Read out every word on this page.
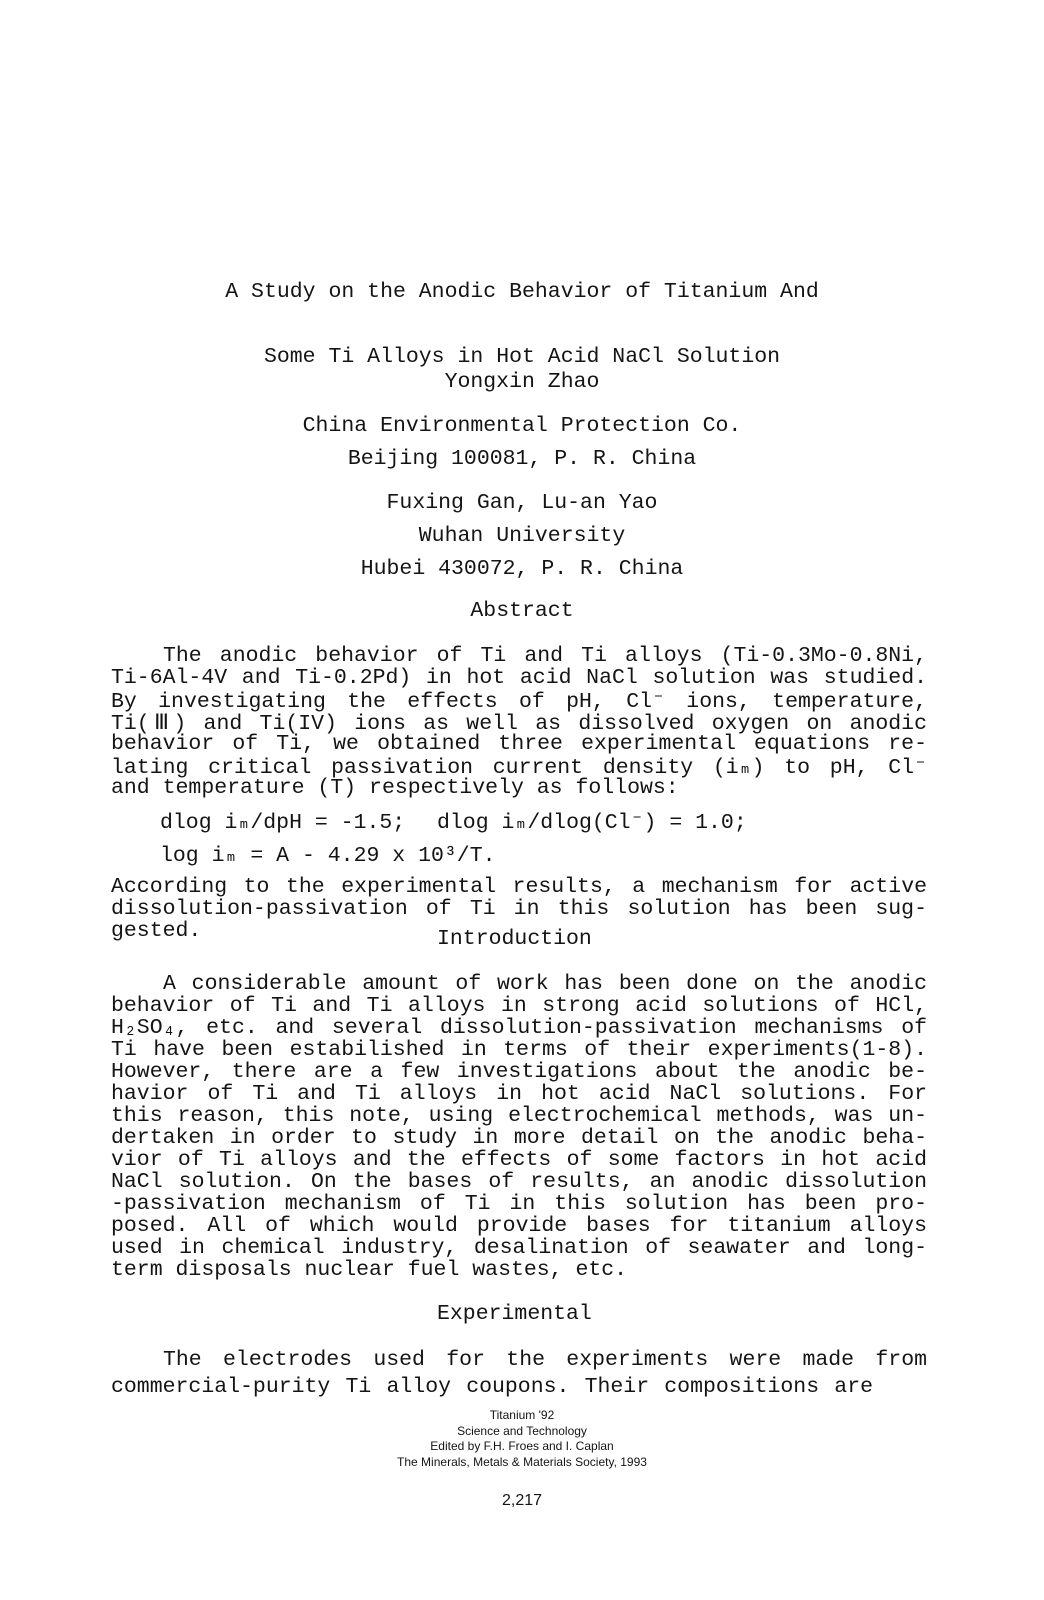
A Study on the Anodic Behavior of Titanium And
Some Ti Alloys in Hot Acid NaCl Solution
Yongxin Zhao
China Environmental Protection Co.
Beijing 100081, P. R. China
Fuxing Gan, Lu-an Yao
Wuhan University
Hubei 430072, P. R. China
Abstract
The anodic behavior of Ti and Ti alloys (Ti-0.3Mo-0.8Ni,
Ti-6Al-4V and Ti-0.2Pd) in hot acid NaCl solution was studied.
By investigating the effects of pH, Cl⁻ ions, temperature,
Ti(Ⅲ) and Ti(IV) ions as well as dissolved oxygen on anodic
behavior of Ti, we obtained three experimental equations re-
lating critical passivation current density (iₘ) to pH, Cl⁻
and temperature (T) respectively as follows:
dlog iₘ/dpH = -1.5; dlog iₘ/dlog(Cl⁻) = 1.0;
log iₘ = A - 4.29 x 10³/T.
According to the experimental results, a mechanism for active
dissolution-passivation of Ti in this solution has been sug-
gested.	Introduction
A considerable amount of work has been done on the anodic
behavior of Ti and Ti alloys in strong acid solutions of HCl,
H₂SO₄, etc. and several dissolution-passivation mechanisms of
Ti have been estabilished in terms of their experiments(1-8).
However, there are a few investigations about the anodic be-
havior of Ti and Ti alloys in hot acid NaCl solutions. For
this reason, this note, using electrochemical methods, was un-
dertaken in order to study in more detail on the anodic beha-
vior of Ti alloys and the effects of some factors in hot acid
NaCl solution. On the bases of results, an anodic dissolution
-passivation mechanism of Ti in this solution has been pro-
posed. All of which would provide bases for titanium alloys
used in chemical industry, desalination of seawater and long-
term disposals nuclear fuel wastes, etc.
Experimental
The electrodes used for the experiments were made from
commercial-purity Ti alloy coupons. Their compositions are
Titanium '92
Science and Technology
Edited by F.H. Froes and I. Caplan
The Minerals, Metals & Materials Society, 1993
2,217
